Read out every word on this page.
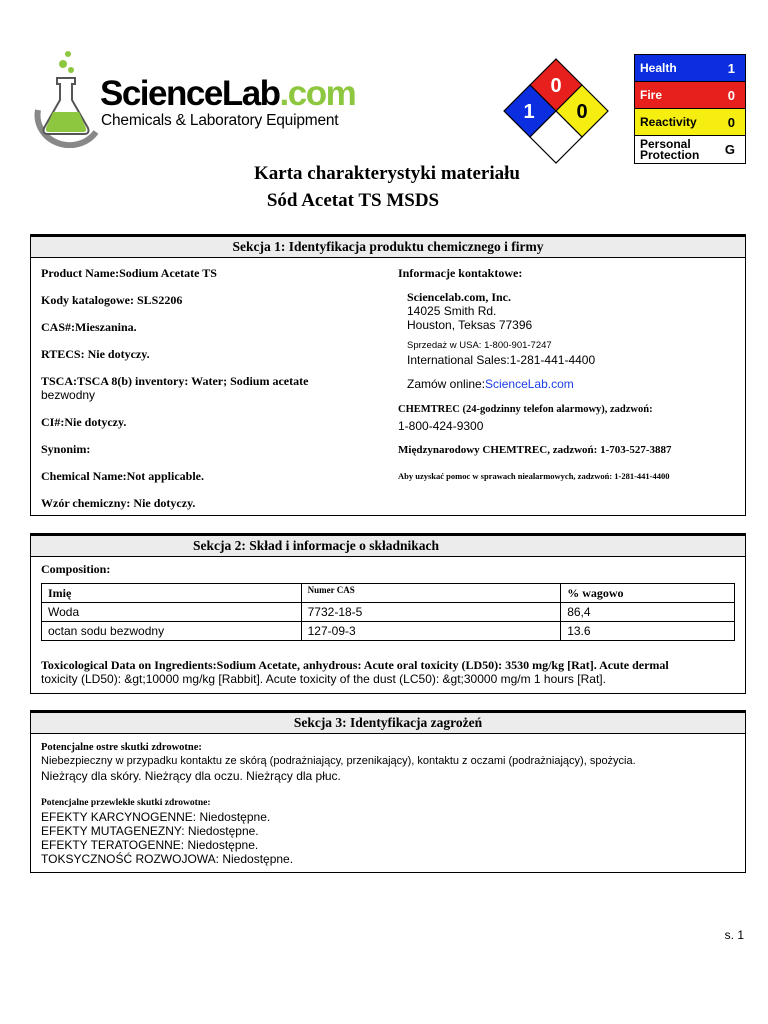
ScienceLab.com
Chemicals & Laboratory Equipment
0
1 0
Health	1
Fire	0
Reactivity 0
Personal Protection	G
Karta charakterystyki materiału
Sód Acetat TS MSDS
Sekcja 1: Identyfikacja produktu chemicznego i firmy
Product Name:Sodium Acetate TS
Kody katalogowe: SLS2206
CAS#:Mieszanina.
RTECS: Nie dotyczy.
TSCA:TSCA 8(b) inventory: Water; Sodium acetate
bezwodny
CI#:Nie dotyczy.
Synonim:
Chemical Name:Not applicable.
Wzór chemiczny: Nie dotyczy.
Informacje kontaktowe:
Sciencelab.com, Inc.
14025 Smith Rd.
Houston, Teksas 77396
Sprzedaż w USA: 1-800-901-7247
International Sales:1-281-441-4400
Zamów online:ScienceLab.com
CHEMTREC (24-godzinny telefon alarmowy), zadzwoń:
1-800-424-9300
Międzynarodowy CHEMTREC, zadzwoń: 1-703-527-3887
Aby uzyskać pomoc w sprawach niealarmowych, zadzwoń: 1-281-441-4400
Sekcja 2: Skład i informacje o składnikach
Composition:
Imię	Numer CAS	% wagowo
Woda	7732-18-5	86,4
octan sodu bezwodny	127-09-3	13.6
Toxicological Data on Ingredients:Sodium Acetate, anhydrous: Acute oral toxicity (LD50): 3530 mg/kg [Rat]. Acute dermal
toxicity (LD50): &gt;10000 mg/kg [Rabbit]. Acute toxicity of the dust (LC50): &gt;30000 mg/m 1 hours [Rat].
Sekcja 3: Identyfikacja zagrożeń
Potencjalne ostre skutki zdrowotne:
Niebezpieczny w przypadku kontaktu ze skórą (podrażniający, przenikający), kontaktu z oczami (podrażniający), spożycia.
Nieżrący dla skóry. Nieżrący dla oczu. Nieżrący dla płuc.
Potencjalne przewlekłe skutki zdrowotne:
EFEKTY KARCYNOGENNE: Niedostępne.
EFEKTY MUTAGENEZNY: Niedostępne.
EFEKTY TERATOGENNE: Niedostępne.
TOKSYCZNOŚĆ ROZWOJOWA: Niedostępne.
s. 1
